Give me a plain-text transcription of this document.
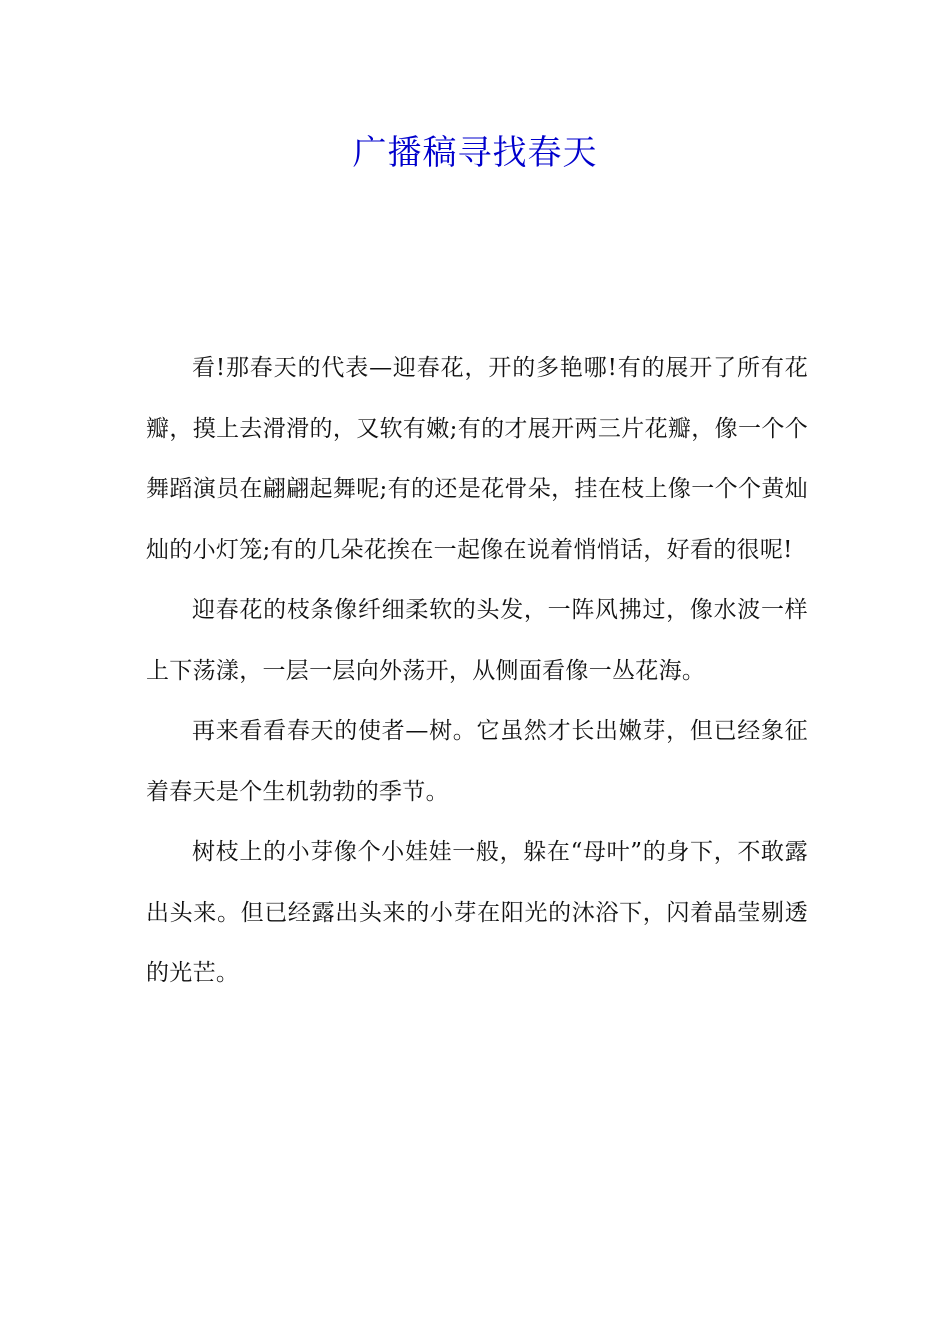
广播稿寻找春天

看!那春天的代表—迎春花，开的多艳哪!有的展开了所有花瓣，摸上去滑滑的，又软有嫩;有的才展开两三片花瓣，像一个个舞蹈演员在翩翩起舞呢;有的还是花骨朵，挂在枝上像一个个黄灿灿的小灯笼;有的几朵花挨在一起像在说着悄悄话，好看的很呢!

迎春花的枝条像纤细柔软的头发，一阵风拂过，像水波一样上下荡漾，一层一层向外荡开，从侧面看像一丛花海。

再来看看春天的使者—树。它虽然才长出嫩芽，但已经象征着春天是个生机勃勃的季节。

树枝上的小芽像个小娃娃一般，躲在“母叶”的身下，不敢露出头来。但已经露出头来的小芽在阳光的沐浴下，闪着晶莹剔透的光芒。
